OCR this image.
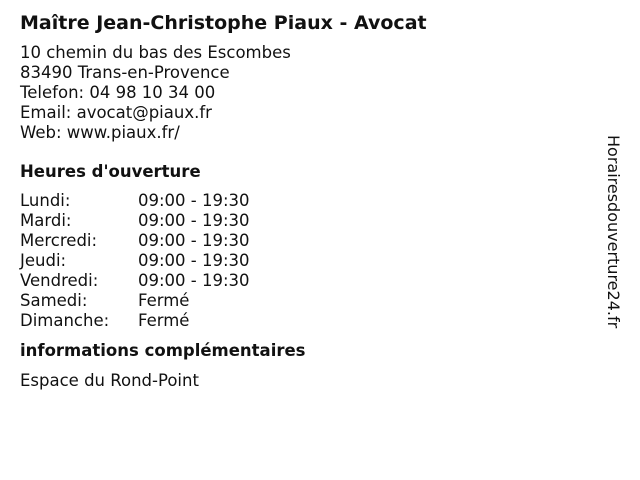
Maître Jean-Christophe Piaux - Avocat
10 chemin du bas des Escombes
83490 Trans-en-Provence
Telefon: 04 98 10 34 00
Email: avocat@piaux.fr
Web: www.piaux.fr/
Heures d'ouverture
Lundi:	09:00 - 19:30
Mardi:	09:00 - 19:30
Mercredi:	09:00 - 19:30
Jeudi:	09:00 - 19:30
Vendredi:	09:00 - 19:30
Samedi:	Fermé
Dimanche:	Fermé
informations complémentaires
Espace du Rond-Point
Horairesdouverture24.fr
